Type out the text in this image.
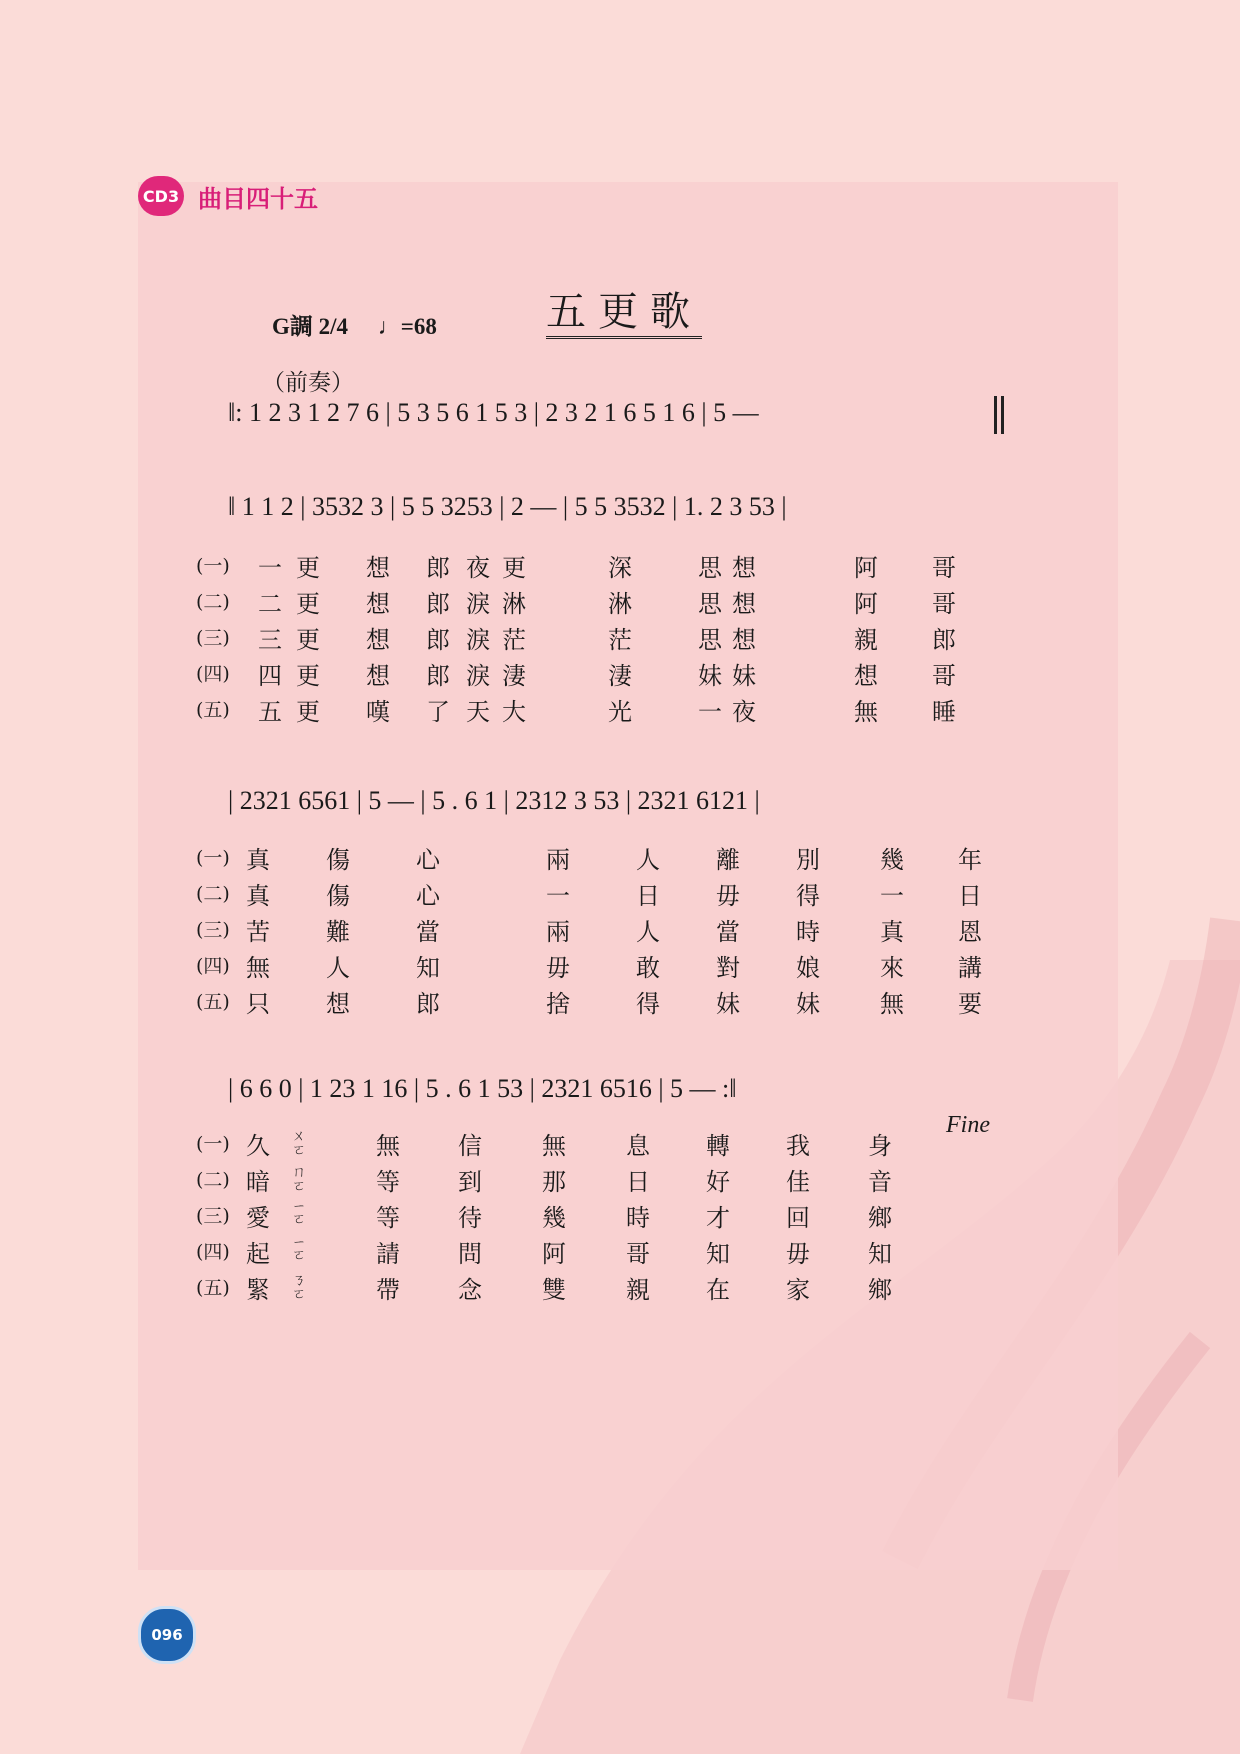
CD3 曲目四十五
G調 2/4 ♩=68	五更歌
（前奏）
‖: 1 2 3 1 2 7 6 | 5 3 5 6 1 5 3 | 2 3 2 1 6 5 1 6 | 5 —
‖ 1 1 2 | 3532 3 | 5 5 3253 | 2 — | 5 5 3532 | 1. 2 3 53 |
(一) 一 更 想 郎 夜 更	深	思 想	阿 哥
(二) 二 更 想 郎 淚 淋	淋	思 想	阿 哥
(三) 三 更 想 郎 淚 茫	茫	思 想	親 郎
(四) 四 更 想 郎 淚 淒	淒	妹 妹	想 哥
(五) 五 更 嘆 了 天 大	光	一 夜	無 睡
| 2321 6561 | 5 — | 5 . 6 1 | 2312 3 53 | 2321 6121 |
(一) 真 傷	心	兩	人 離 別	幾 年
(二) 真 傷	心	一	日 毋 得	一 日
(三) 苦 難	當	兩	人 當 時	真 恩
(四) 無 人	知	毋	敢 對 娘	來 講
(五) 只 想	郎	捨	得 妹 妹	無 要
| 6 6 0 | 1 23 1 16 | 5 . 6 1 53 | 2321 6516 | 5 — :‖
(一) 久 ㄨㄛ	無 信	無	息 轉 我 身
(二) 暗 ㄇㄛ	等 到	那	日 好 佳 音
(三) 愛 ㄧㄛ	等 待	幾	時 才 回 鄉
(四) 起 ㄧㄛ	請 問	阿	哥 知 毋 知
(五) 緊 ㄋㄛ	帶 念	雙	親 在 家 鄉
Fine
096
